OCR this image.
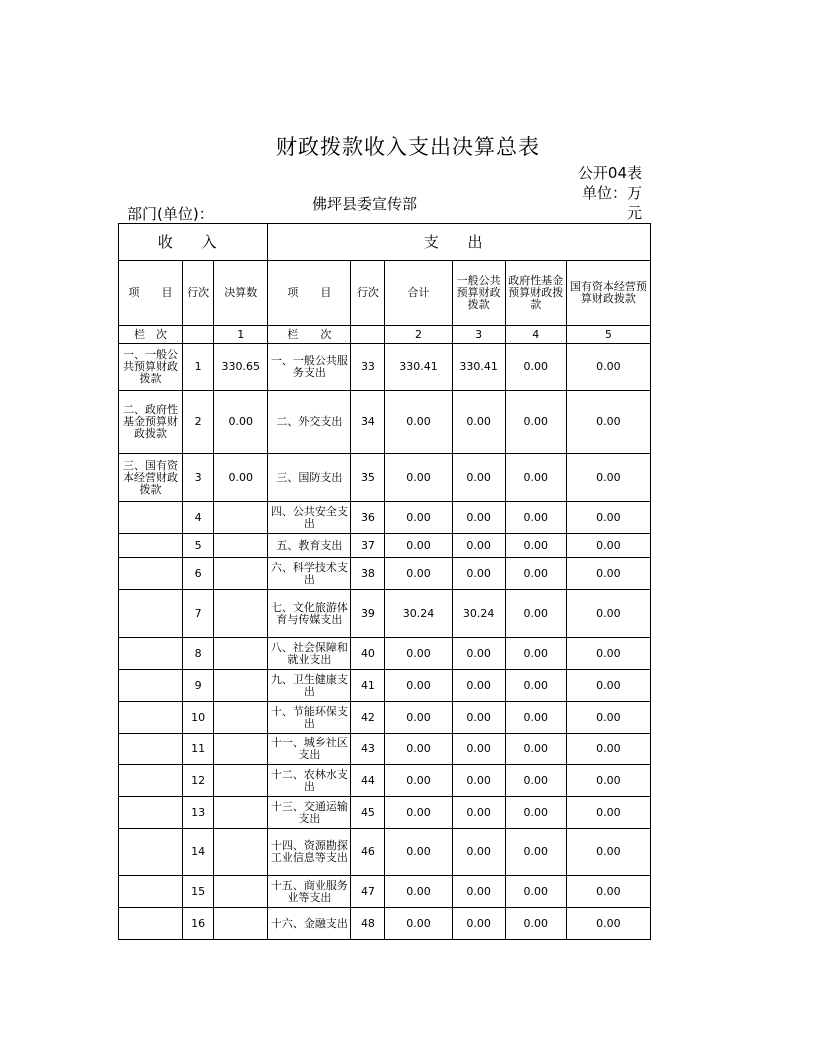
财政拨款收入支出决算总表
公开04表
单位：万
元
部门(单位)：
佛坪县委宣传部
收 入			支 出					
项　　目	行次	决算数	项　　目	行次	合计	一般公共预算财政拨款	政府性基金预算财政拨款	国有资本经营预算财政拨款
栏　次		1	栏　　次		2	3	4	5
一、一般公共预算财政拨款	1	330.65	一、一般公共服务支出	33	330.41	330.41	0.00	0.00
二、政府性基金预算财政拨款	2	0.00	二、外交支出	34	0.00	0.00	0.00	0.00
三、国有资本经营财政拨款	3	0.00	三、国防支出	35	0.00	0.00	0.00	0.00
	4		四、公共安全支出	36	0.00	0.00	0.00	0.00
	5		五、教育支出	37	0.00	0.00	0.00	0.00
	6		六、科学技术支出	38	0.00	0.00	0.00	0.00
	7		七、文化旅游体育与传媒支出	39	30.24	30.24	0.00	0.00
	8		八、社会保障和就业支出	40	0.00	0.00	0.00	0.00
	9		九、卫生健康支出	41	0.00	0.00	0.00	0.00
	10		十、节能环保支出	42	0.00	0.00	0.00	0.00
	11		十一、城乡社区支出	43	0.00	0.00	0.00	0.00
	12		十二、农林水支出	44	0.00	0.00	0.00	0.00
	13		十三、交通运输支出	45	0.00	0.00	0.00	0.00
	14		十四、资源勘探工业信息等支出	46	0.00	0.00	0.00	0.00
	15		十五、商业服务业等支出	47	0.00	0.00	0.00	0.00
	16		十六、金融支出	48	0.00	0.00	0.00	0.00
